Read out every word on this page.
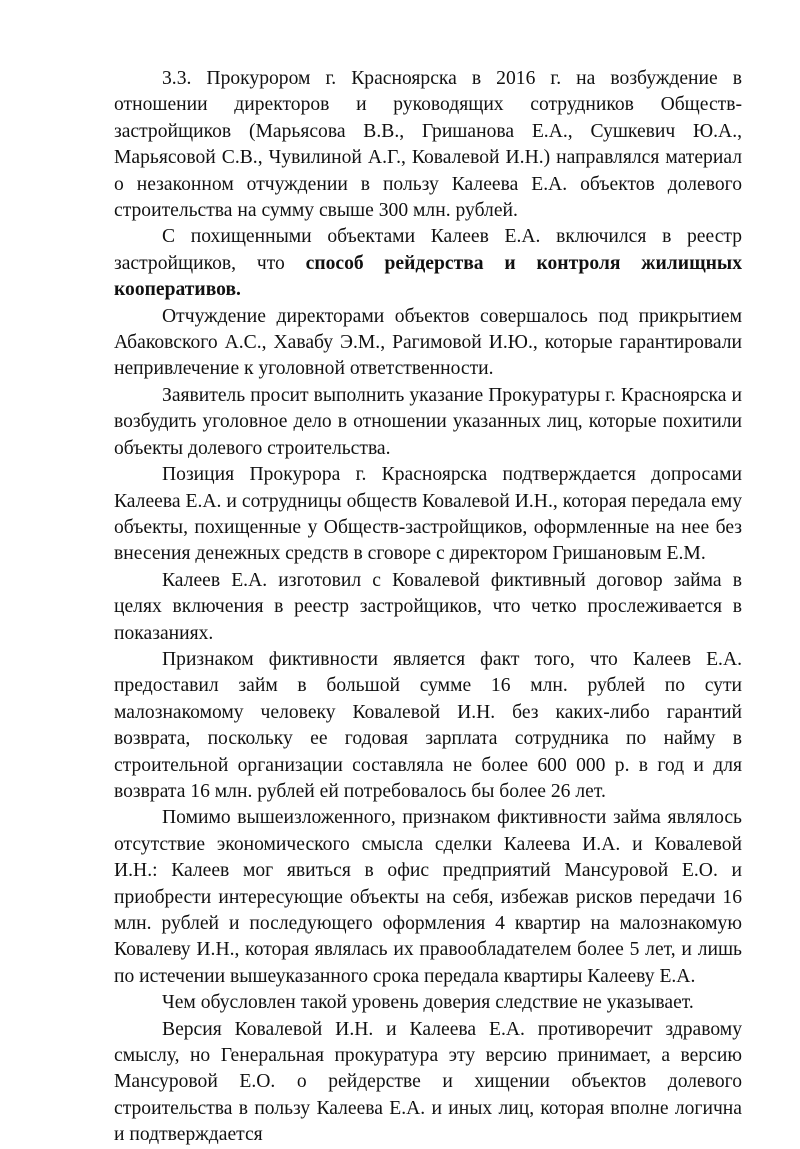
3.3. Прокурором г. Красноярска в 2016 г. на возбуждение в отношении директоров и руководящих сотрудников Обществ-застройщиков (Марьясова В.В., Гришанова Е.А., Сушкевич Ю.А., Марьясовой С.В., Чувилиной А.Г., Ковалевой И.Н.) направлялся материал о незаконном отчуждении в пользу Калеева Е.А. объектов долевого строительства на сумму свыше 300 млн. рублей.

С похищенными объектами Калеев Е.А. включился в реестр застройщиков, что способ рейдерства и контроля жилищных кооперативов.

Отчуждение директорами объектов совершалось под прикрытием Абаковского А.С., Хавабу Э.М., Рагимовой И.Ю., которые гарантировали непривлечение к уголовной ответственности.

Заявитель просит выполнить указание Прокуратуры г. Красноярска и возбудить уголовное дело в отношении указанных лиц, которые похитили объекты долевого строительства.

Позиция Прокурора г. Красноярска подтверждается допросами Калеева Е.А. и сотрудницы обществ Ковалевой И.Н., которая передала ему объекты, похищенные у Обществ-застройщиков, оформленные на нее без внесения денежных средств в сговоре с директором Гришановым Е.М.

Калеев Е.А. изготовил с Ковалевой фиктивный договор займа в целях включения в реестр застройщиков, что четко прослеживается в показаниях.

Признаком фиктивности является факт того, что Калеев Е.А. предоставил займ в большой сумме 16 млн. рублей по сути малознакомому человеку Ковалевой И.Н. без каких-либо гарантий возврата, поскольку ее годовая зарплата сотрудника по найму в строительной организации составляла не более 600 000 р. в год и для возврата 16 млн. рублей ей потребовалось бы более 26 лет.

Помимо вышеизложенного, признаком фиктивности займа являлось отсутствие экономического смысла сделки Калеева И.А. и Ковалевой И.Н.: Калеев мог явиться в офис предприятий Мансуровой Е.О. и приобрести интересующие объекты на себя, избежав рисков передачи 16 млн. рублей и последующего оформления 4 квартир на малознакомую Ковалеву И.Н., которая являлась их правообладателем более 5 лет, и лишь по истечении вышеуказанного срока передала квартиры Калееву Е.А.

Чем обусловлен такой уровень доверия следствие не указывает.

Версия Ковалевой И.Н. и Калеева Е.А. противоречит здравому смыслу, но Генеральная прокуратура эту версию принимает, а версию Мансуровой Е.О. о рейдерстве и хищении объектов долевого строительства в пользу Калеева Е.А. и иных лиц, которая вполне логична и подтверждается
